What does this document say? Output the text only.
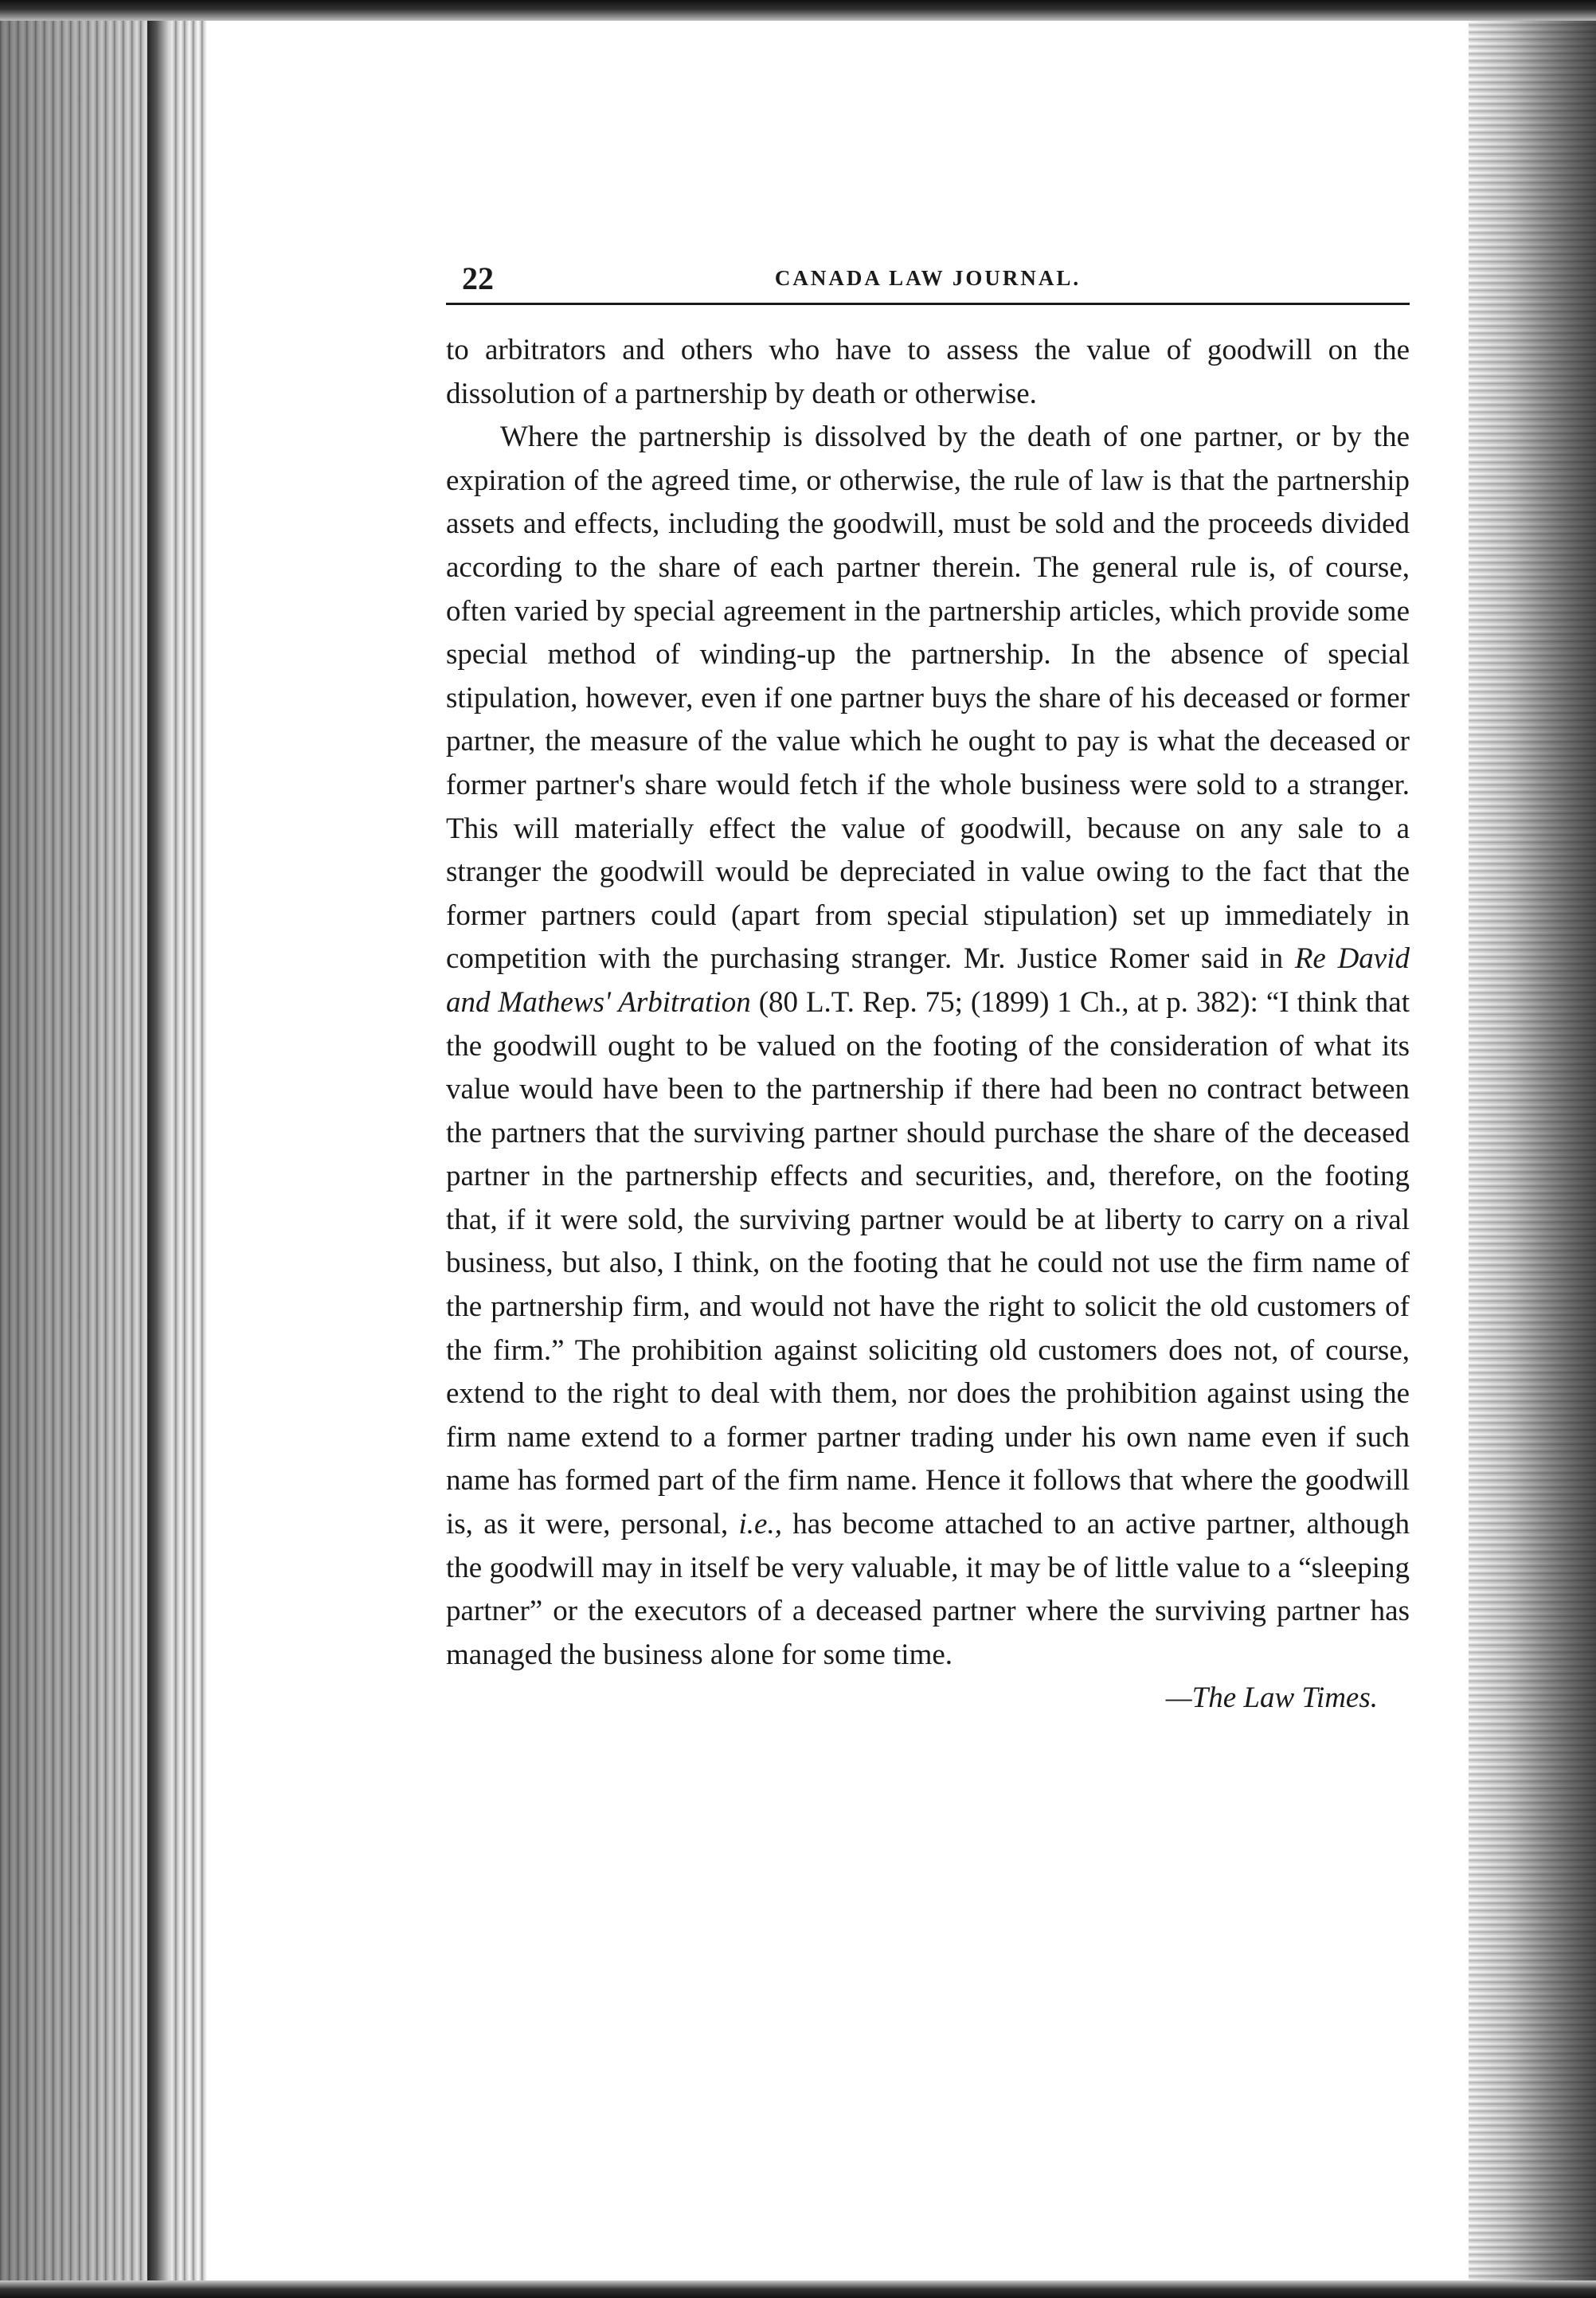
22	CANADA LAW JOURNAL.

to arbitrators and others who have to assess the value of goodwill on the dissolution of a partnership by death or otherwise.

Where the partnership is dissolved by the death of one partner, or by the expiration of the agreed time, or otherwise, the rule of law is that the partnership assets and effects, including the goodwill, must be sold and the proceeds divided according to the share of each partner therein. The general rule is, of course, often varied by special agreement in the partnership articles, which provide some special method of winding-up the partnership. In the absence of special stipulation, however, even if one partner buys the share of his deceased or former partner, the measure of the value which he ought to pay is what the deceased or former partner's share would fetch if the whole business were sold to a stranger. This will materially effect the value of goodwill, because on any sale to a stranger the goodwill would be depreciated in value owing to the fact that the former partners could (apart from special stipulation) set up immediately in competition with the purchasing stranger. Mr. Justice Romer said in Re David and Mathews' Arbitration (80 L.T. Rep. 75; (1899) 1 Ch., at p. 382): “I think that the goodwill ought to be valued on the footing of the consideration of what its value would have been to the partnership if there had been no contract between the partners that the surviving partner should purchase the share of the deceased partner in the partnership effects and securities, and, therefore, on the footing that, if it were sold, the surviving partner would be at liberty to carry on a rival business, but also, I think, on the footing that he could not use the firm name of the partnership firm, and would not have the right to solicit the old customers of the firm.” The prohibition against soliciting old customers does not, of course, extend to the right to deal with them, nor does the prohibition against using the firm name extend to a former partner trading under his own name even if such name has formed part of the firm name. Hence it follows that where the goodwill is, as it were, personal, i.e., has become attached to an active partner, although the goodwill may in itself be very valuable, it may be of little value to a “sleeping partner” or the executors of a deceased partner where the surviving partner has managed the business alone for some time.

—The Law Times.
